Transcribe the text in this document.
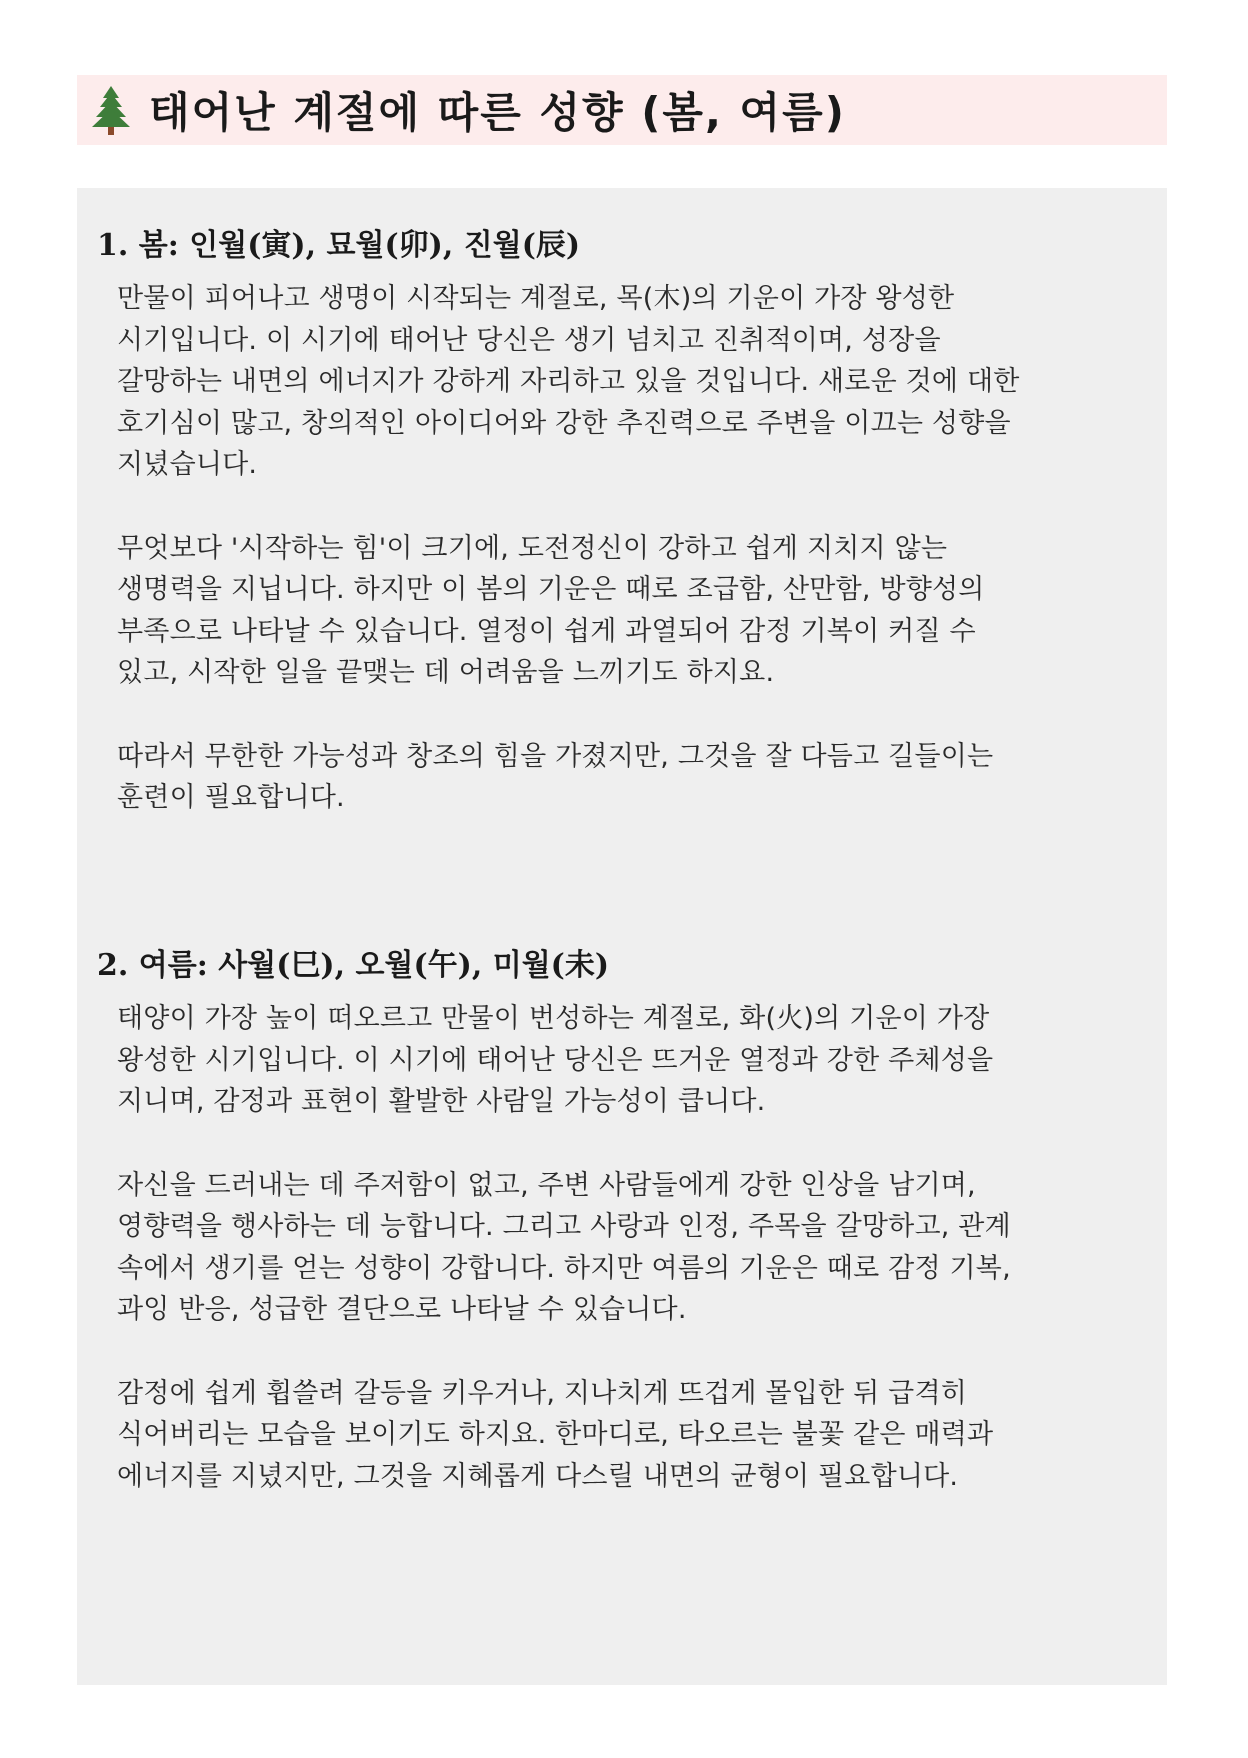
태어난 계절에 따른 성향 (봄, 여름)
1. 봄: 인월(寅), 묘월(卯), 진월(辰)

만물이 피어나고 생명이 시작되는 계절로, 목(木)의 기운이 가장 왕성한
시기입니다. 이 시기에 태어난 당신은 생기 넘치고 진취적이며, 성장을
갈망하는 내면의 에너지가 강하게 자리하고 있을 것입니다. 새로운 것에 대한
호기심이 많고, 창의적인 아이디어와 강한 추진력으로 주변을 이끄는 성향을
지녔습니다.

무엇보다 '시작하는 힘'이 크기에, 도전정신이 강하고 쉽게 지치지 않는
생명력을 지닙니다. 하지만 이 봄의 기운은 때로 조급함, 산만함, 방향성의
부족으로 나타날 수 있습니다. 열정이 쉽게 과열되어 감정 기복이 커질 수
있고, 시작한 일을 끝맺는 데 어려움을 느끼기도 하지요.

따라서 무한한 가능성과 창조의 힘을 가졌지만, 그것을 잘 다듬고 길들이는
훈련이 필요합니다.

2. 여름: 사월(巳), 오월(午), 미월(未)

태양이 가장 높이 떠오르고 만물이 번성하는 계절로, 화(火)의 기운이 가장
왕성한 시기입니다. 이 시기에 태어난 당신은 뜨거운 열정과 강한 주체성을
지니며, 감정과 표현이 활발한 사람일 가능성이 큽니다.

자신을 드러내는 데 주저함이 없고, 주변 사람들에게 강한 인상을 남기며,
영향력을 행사하는 데 능합니다. 그리고 사랑과 인정, 주목을 갈망하고, 관계
속에서 생기를 얻는 성향이 강합니다. 하지만 여름의 기운은 때로 감정 기복,
과잉 반응, 성급한 결단으로 나타날 수 있습니다.

감정에 쉽게 휩쓸려 갈등을 키우거나, 지나치게 뜨겁게 몰입한 뒤 급격히
식어버리는 모습을 보이기도 하지요. 한마디로, 타오르는 불꽃 같은 매력과
에너지를 지녔지만, 그것을 지혜롭게 다스릴 내면의 균형이 필요합니다.
